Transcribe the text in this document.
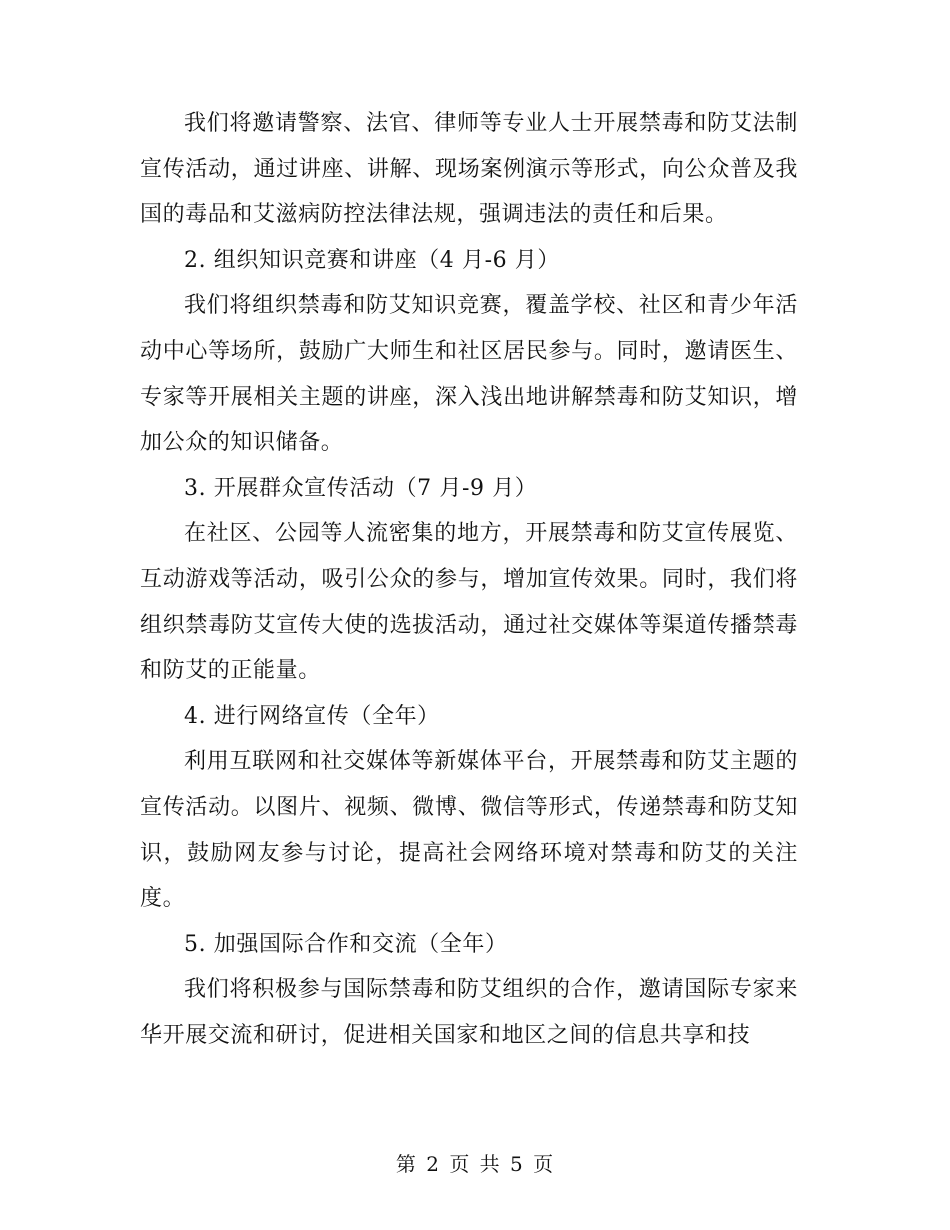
我们将邀请警察、法官、律师等专业人士开展禁毒和防艾法制宣传活动，通过讲座、讲解、现场案例演示等形式，向公众普及我国的毒品和艾滋病防控法律法规，强调违法的责任和后果。

2. 组织知识竞赛和讲座（4 月-6 月）

我们将组织禁毒和防艾知识竞赛，覆盖学校、社区和青少年活动中心等场所，鼓励广大师生和社区居民参与。同时，邀请医生、专家等开展相关主题的讲座，深入浅出地讲解禁毒和防艾知识，增加公众的知识储备。

3. 开展群众宣传活动（7 月-9 月）

在社区、公园等人流密集的地方，开展禁毒和防艾宣传展览、互动游戏等活动，吸引公众的参与，增加宣传效果。同时，我们将组织禁毒防艾宣传大使的选拔活动，通过社交媒体等渠道传播禁毒和防艾的正能量。

4. 进行网络宣传（全年）

利用互联网和社交媒体等新媒体平台，开展禁毒和防艾主题的宣传活动。以图片、视频、微博、微信等形式，传递禁毒和防艾知识，鼓励网友参与讨论，提高社会网络环境对禁毒和防艾的关注度。

5. 加强国际合作和交流（全年）

我们将积极参与国际禁毒和防艾组织的合作，邀请国际专家来华开展交流和研讨，促进相关国家和地区之间的信息共享和技

第 2 页 共 5 页
